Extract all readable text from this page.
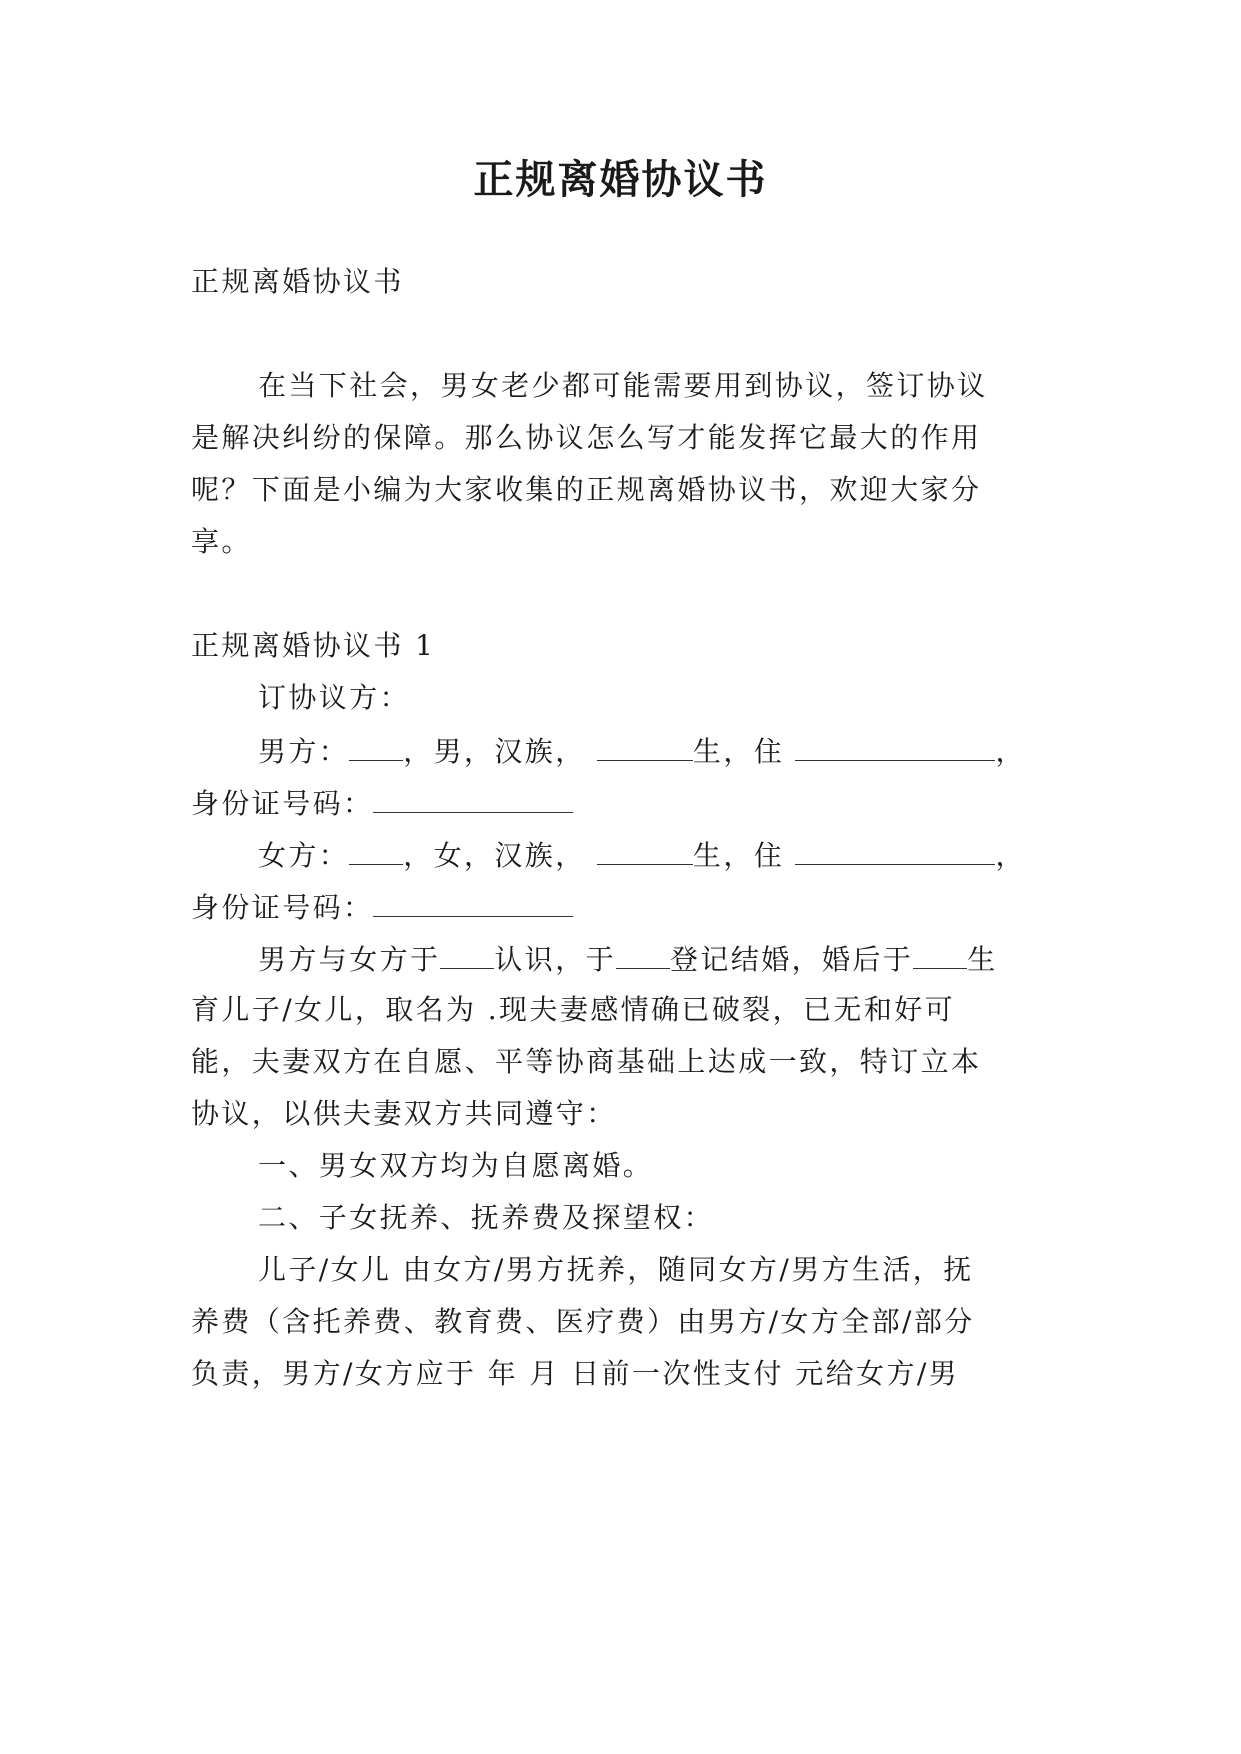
正规离婚协议书
正规离婚协议书
在当下社会，男女老少都可能需要用到协议，签订协议
是解决纠纷的保障。那么协议怎么写才能发挥它最大的作用
呢？下面是小编为大家收集的正规离婚协议书，欢迎大家分
享。
正规离婚协议书 1
订协议方：
男方： ，男，汉族，	生，住	，
身份证号码：
女方： ，女，汉族，	生，住	，
身份证号码：
男方与女方于 认识，于 登记结婚，婚后于 生
育儿子/女儿，取名为 .现夫妻感情确已破裂，已无和好可
能，夫妻双方在自愿、平等协商基础上达成一致，特订立本
协议，以供夫妻双方共同遵守：
一、男女双方均为自愿离婚。
二、子女抚养、抚养费及探望权：
儿子/女儿 由女方/男方抚养，随同女方/男方生活，抚
养费（含托养费、教育费、医疗费）由男方/女方全部/部分
负责，男方/女方应于 年 月 日前一次性支付 元给女方/男
